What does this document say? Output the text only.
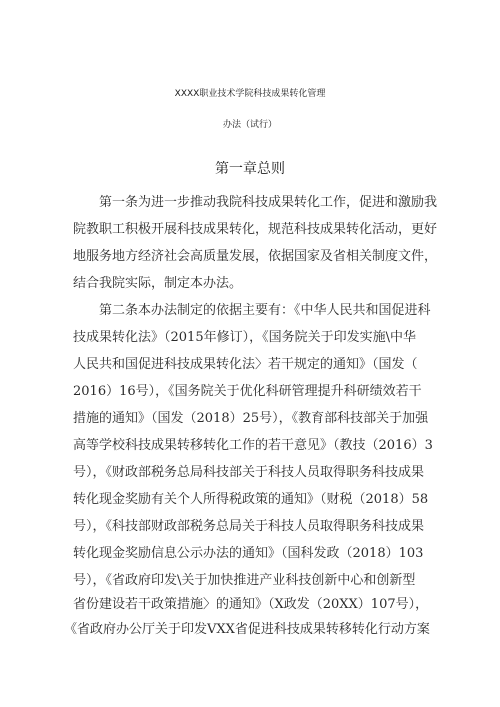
XXXX职业技术学院科技成果转化管理
办法（试行）
第一章总则
第一条为进一步推动我院科技成果转化工作，促进和激励我
院教职工积极开展科技成果转化，规范科技成果转化活动，更好
地服务地方经济社会高质量发展，依据国家及省相关制度文件，
结合我院实际，制定本办法。
第二条本办法制定的依据主要有：《中华人民共和国促进科
技成果转化法》（2015年修订），《国务院关于印发实施\中华
人民共和国促进科技成果转化法〉若干规定的通知》（国发（
2016）16号），《国务院关于优化科研管理提升科研绩效若干
措施的通知》（国发（2018）25号），《教育部科技部关于加强
高等学校科技成果转移转化工作的若干意见》（教技（2016）3
号），《财政部税务总局科技部关于科技人员取得职务科技成果
转化现金奖励有关个人所得税政策的通知》（财税（2018）58
号），《科技部财政部税务总局关于科技人员取得职务科技成果
转化现金奖励信息公示办法的通知》（国科发政（2018）103
号），《省政府印发\关于加快推进产业科技创新中心和创新型
省份建设若干政策措施〉的通知》（X政发（20XX）107号），
《省政府办公厅关于印发VXX省促进科技成果转移转化行动方案
